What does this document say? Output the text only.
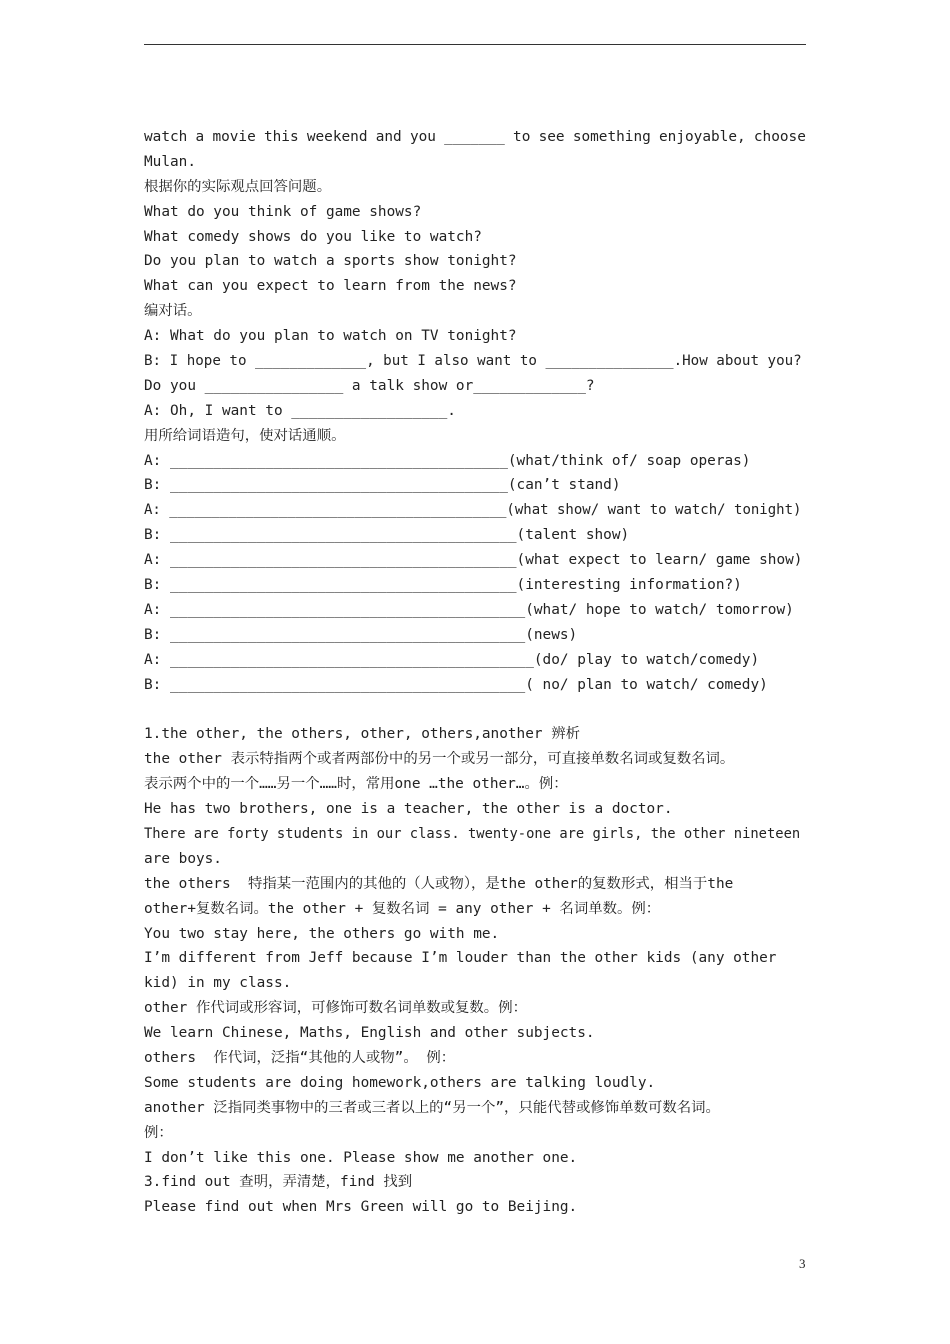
watch a movie this weekend and you _______ to see something enjoyable, choose
Mulan.
根据你的实际观点回答问题。
What do you think of game shows?
What comedy shows do you like to watch?
Do you plan to watch a sports show tonight?
What can you expect to learn from the news?
编对话。
A: What do you plan to watch on TV tonight?
B: I hope to _____________, but I also want to _______________.How about you?
Do you ________________ a talk show or_____________?
A: Oh, I want to __________________.
用所给词语造句，使对话通顺。
A: _______________________________________(what/think of/ soap operas)
B: _______________________________________(can’t stand)
A: ________________________________________(what show/ want to watch/ tonight)
B: ________________________________________(talent show)
A: ________________________________________(what expect to learn/ game show)
B: ________________________________________(interesting information?)
A: _________________________________________(what/ hope to watch/ tomorrow)
B: _________________________________________(news)
A: __________________________________________(do/ play to watch/comedy)
B: _________________________________________( no/ plan to watch/ comedy)
1.the other, the others, other, others,another 辨析
the other 表示特指两个或者两部份中的另一个或另一部分，可直接单数名词或复数名词。
表示两个中的一个……另一个……时，常用one …the other…。例：
He has two brothers, one is a teacher, the other is a doctor.
There are forty students in our class. twenty-one are girls, the other nineteen
are boys.
the others  特指某一范围内的其他的（人或物），是the other的复数形式，相当于the
other+复数名词。the other + 复数名词 = any other + 名词单数。例：
You two stay here, the others go with me.
I’m different from Jeff because I’m louder than the other kids (any other
kid) in my class.
other 作代词或形容词，可修饰可数名词单数或复数。例：
We learn Chinese, Maths, English and other subjects.
others  作代词，泛指“其他的人或物”。 例：
Some students are doing homework,others are talking loudly.
another 泛指同类事物中的三者或三者以上的“另一个”，只能代替或修饰单数可数名词。
例：
I don’t like this one. Please show me another one.
3.find out 查明，弄清楚，find 找到
Please find out when Mrs Green will go to Beijing.
3
